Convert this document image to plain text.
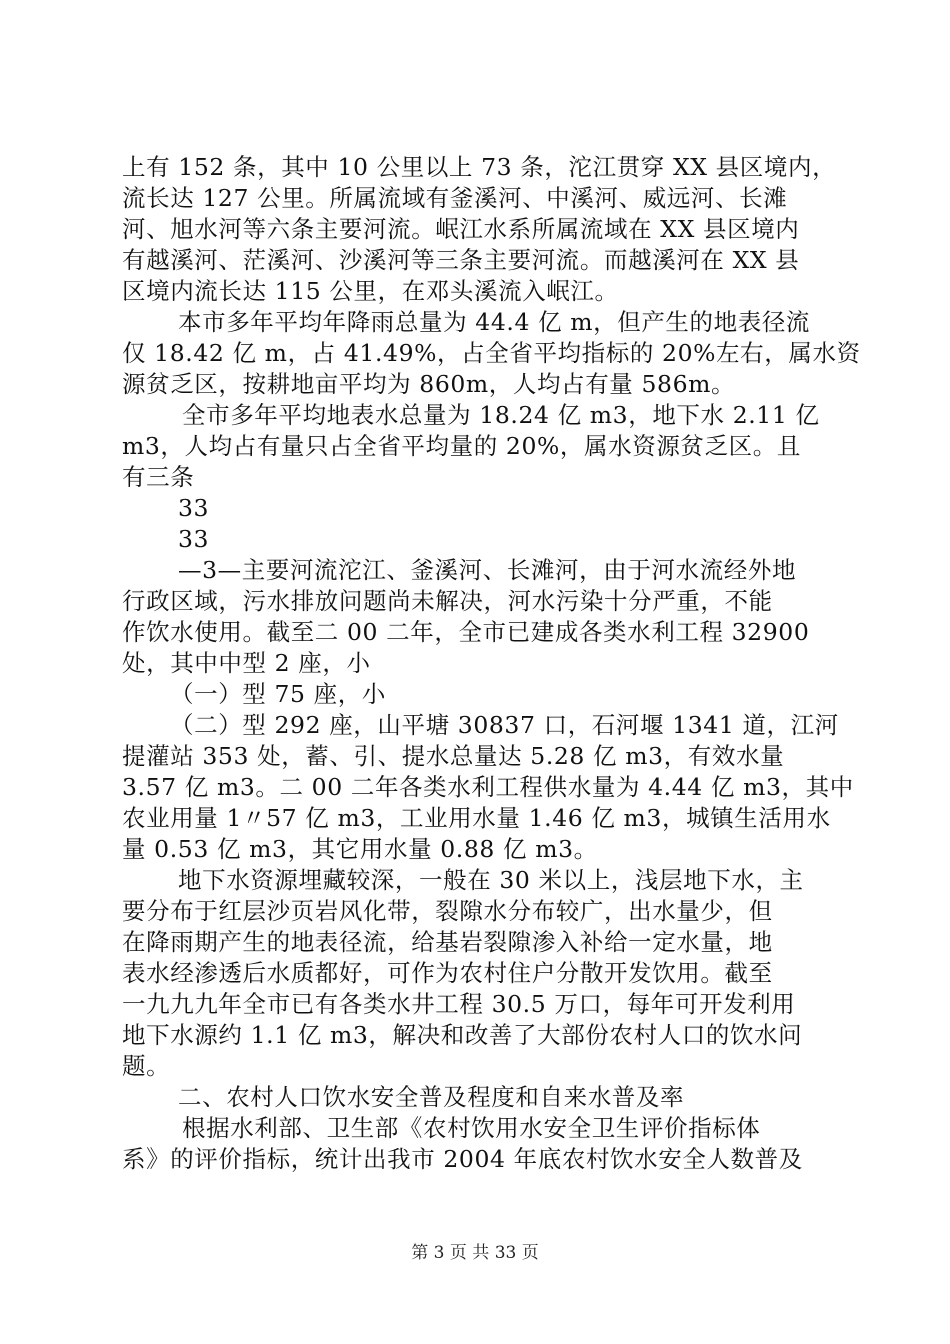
上有 152 条，其中 10 公里以上 73 条，沱江贯穿 XX 县区境内，
流长达 127 公里。所属流域有釜溪河、中溪河、威远河、长滩
河、旭水河等六条主要河流。岷江水系所属流域在 XX 县区境内
有越溪河、茫溪河、沙溪河等三条主要河流。而越溪河在 XX 县
区境内流长达 115 公里，在邓头溪流入岷江。
本市多年平均年降雨总量为 44.4 亿 m，但产生的地表径流
仅 18.42 亿 m，占 41.49%，占全省平均指标的 20%左右，属水资
源贫乏区，按耕地亩平均为 860m，人均占有量 586m。
全市多年平均地表水总量为 18.24 亿 m3，地下水 2.11 亿
m3，人均占有量只占全省平均量的 20%，属水资源贫乏区。且
有三条
33
33
—3—主要河流沱江、釜溪河、长滩河，由于河水流经外地
行政区域，污水排放问题尚未解决，河水污染十分严重，不能
作饮水使用。截至二 00 二年，全市已建成各类水利工程 32900
处，其中中型 2 座，小
（一）型 75 座，小
（二）型 292 座，山平塘 30837 口，石河堰 1341 道，江河
提灌站 353 处，蓄、引、提水总量达 5.28 亿 m3，有效水量
3.57 亿 m3。二 00 二年各类水利工程供水量为 4.44 亿 m3，其中
农业用量 1〃57 亿 m3，工业用水量 1.46 亿 m3，城镇生活用水
量 0.53 亿 m3，其它用水量 0.88 亿 m3。
地下水资源埋藏较深，一般在 30 米以上，浅层地下水，主
要分布于红层沙页岩风化带，裂隙水分布较广，出水量少，但
在降雨期产生的地表径流，给基岩裂隙渗入补给一定水量，地
表水经渗透后水质都好，可作为农村住户分散开发饮用。截至
一九九九年全市已有各类水井工程 30.5 万口，每年可开发利用
地下水源约 1.1 亿 m3，解决和改善了大部份农村人口的饮水问
题。
二、农村人口饮水安全普及程度和自来水普及率
根据水利部、卫生部《农村饮用水安全卫生评价指标体
系》的评价指标，统计出我市 2004 年底农村饮水安全人数普及
第 3 页 共 33 页
